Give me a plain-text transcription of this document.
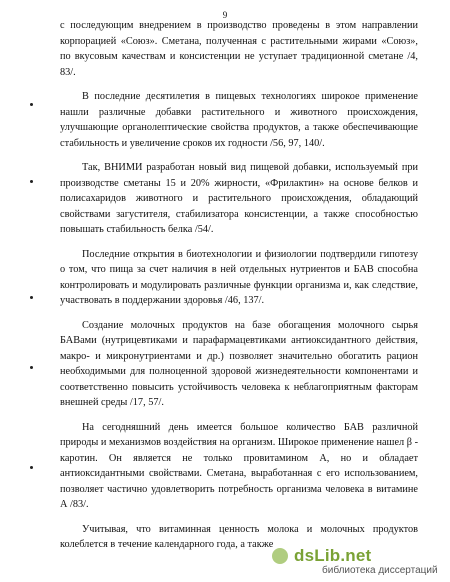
9

с последующим внедрением в производство проведены в этом направлении корпорацией «Союз». Сметана, полученная с растительными жирами «Союз», по вкусовым качествам и консистенции не уступает традиционной сметане /4, 83/.

В последние десятилетия в пищевых технологиях широкое применение нашли различные добавки растительного и животного происхождения, улучшающие органолептические свойства продуктов, а также обеспечивающие стабильность и увеличение сроков их годности /56, 97, 140/.

Так, ВНИМИ разработан новый вид пищевой добавки, используемый при производстве сметаны 15 и 20% жирности, «Фрилактин» на основе белков и полисахаридов животного и растительного происхождения, обладающий свойствами загустителя, стабилизатора консистенции, а также способностью повышать стабильность белка /54/.

Последние открытия в биотехнологии и физиологии подтвердили гипотезу о том, что пища за счет наличия в ней отдельных нутриентов и БАВ способна контролировать и модулировать различные функции организма и, как следствие, участвовать в поддержании здоровья /46, 137/.

Создание молочных продуктов на базе обогащения молочного сырья БАВами (нутрицевтиками и парафармацевтиками антиоксидантного действия, макро- и микронутриентами и др.) позволяет значительно обогатить рацион необходимыми для полноценной здоровой жизнедеятельности компонентами и соответственно повысить устойчивость человека к неблагоприятным факторам внешней среды /17, 57/.

На сегодняшний день имеется большое количество БАВ различной природы и механизмов воздействия на организм. Широкое применение нашел β - каротин. Он является не только провитамином А, но и обладает антиоксидантными свойствами. Сметана, выработанная с его использованием, позволяет частично удовлетворить потребность организма человека в витамине А /83/.

Учитывая, что витаминная ценность молока и молочных продуктов колеблется в течение календарного года, а также

dsLib.net
библиотека диссертаций
